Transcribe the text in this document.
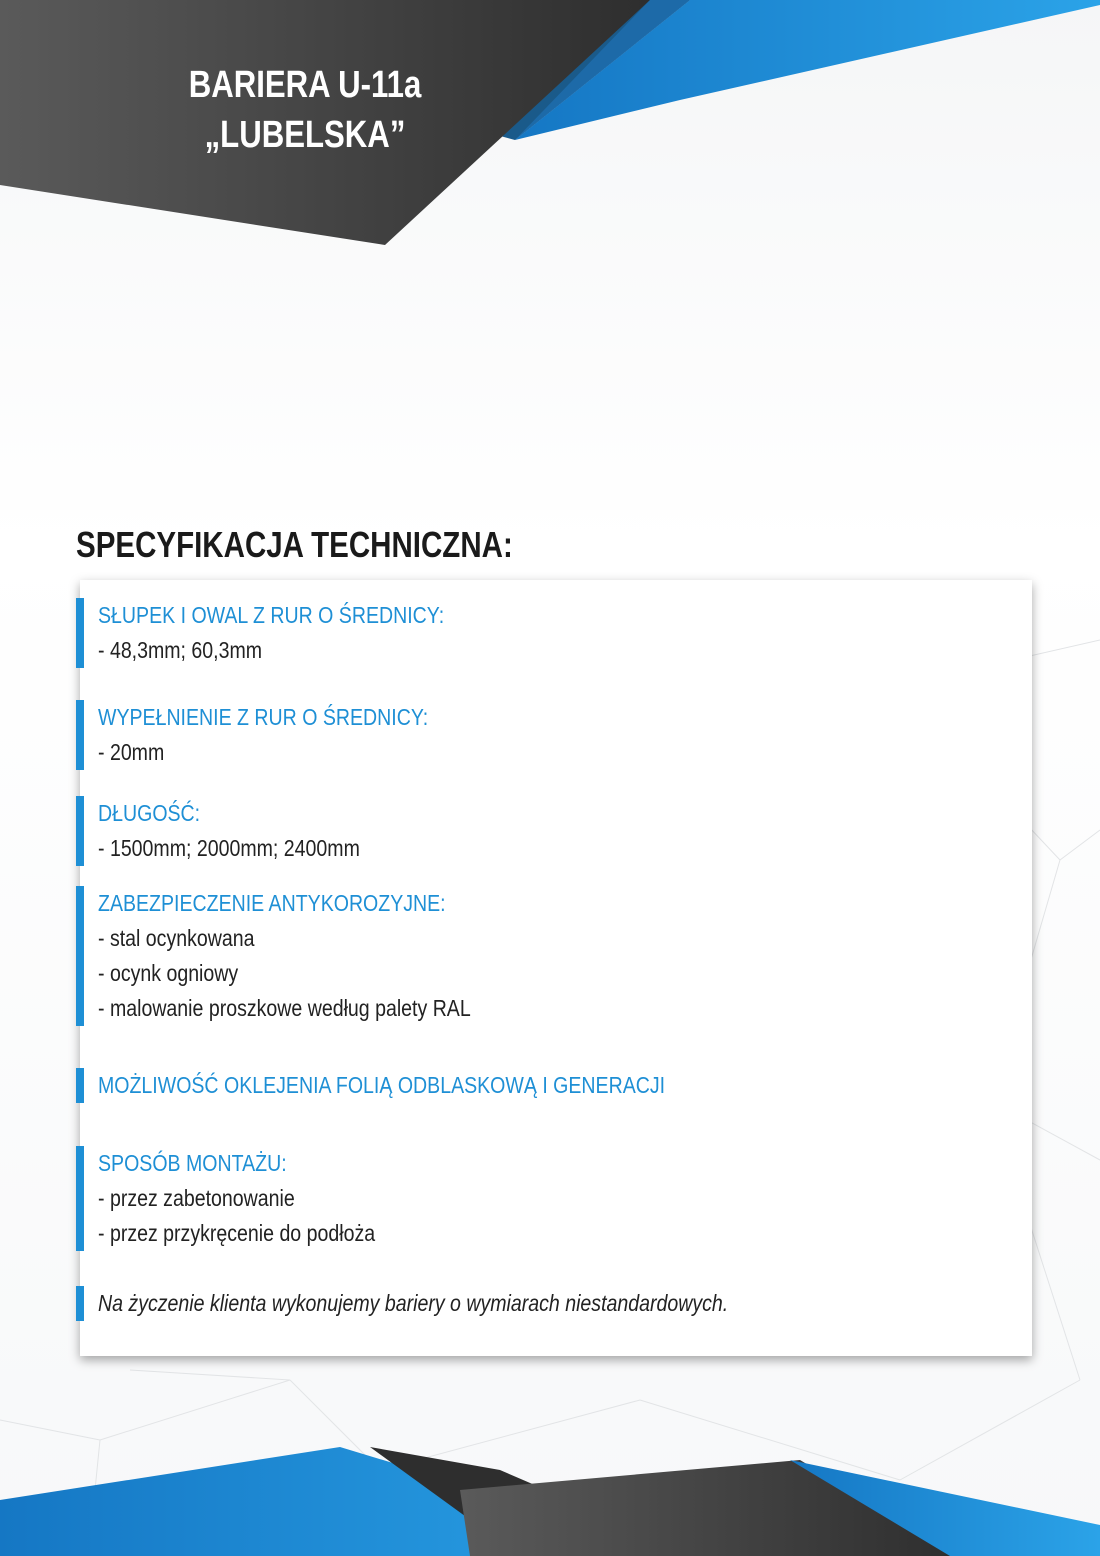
BARIERA U-11a
„LUBELSKA”
SPECYFIKACJA TECHNICZNA:
SŁUPEK I OWAL Z RUR O ŚREDNICY:
- 48,3mm; 60,3mm
WYPEŁNIENIE Z RUR O ŚREDNICY:
- 20mm
DŁUGOŚĆ:
- 1500mm; 2000mm; 2400mm
ZABEZPIECZENIE ANTYKOROZYJNE:
- stal ocynkowana
- ocynk ogniowy
- malowanie proszkowe według palety RAL
MOŻLIWOŚĆ OKLEJENIA FOLIĄ ODBLASKOWĄ I GENERACJI
SPOSÓB MONTAŻU:
- przez zabetonowanie
- przez przykręcenie do podłoża
Na życzenie klienta wykonujemy bariery o wymiarach niestandardowych.
